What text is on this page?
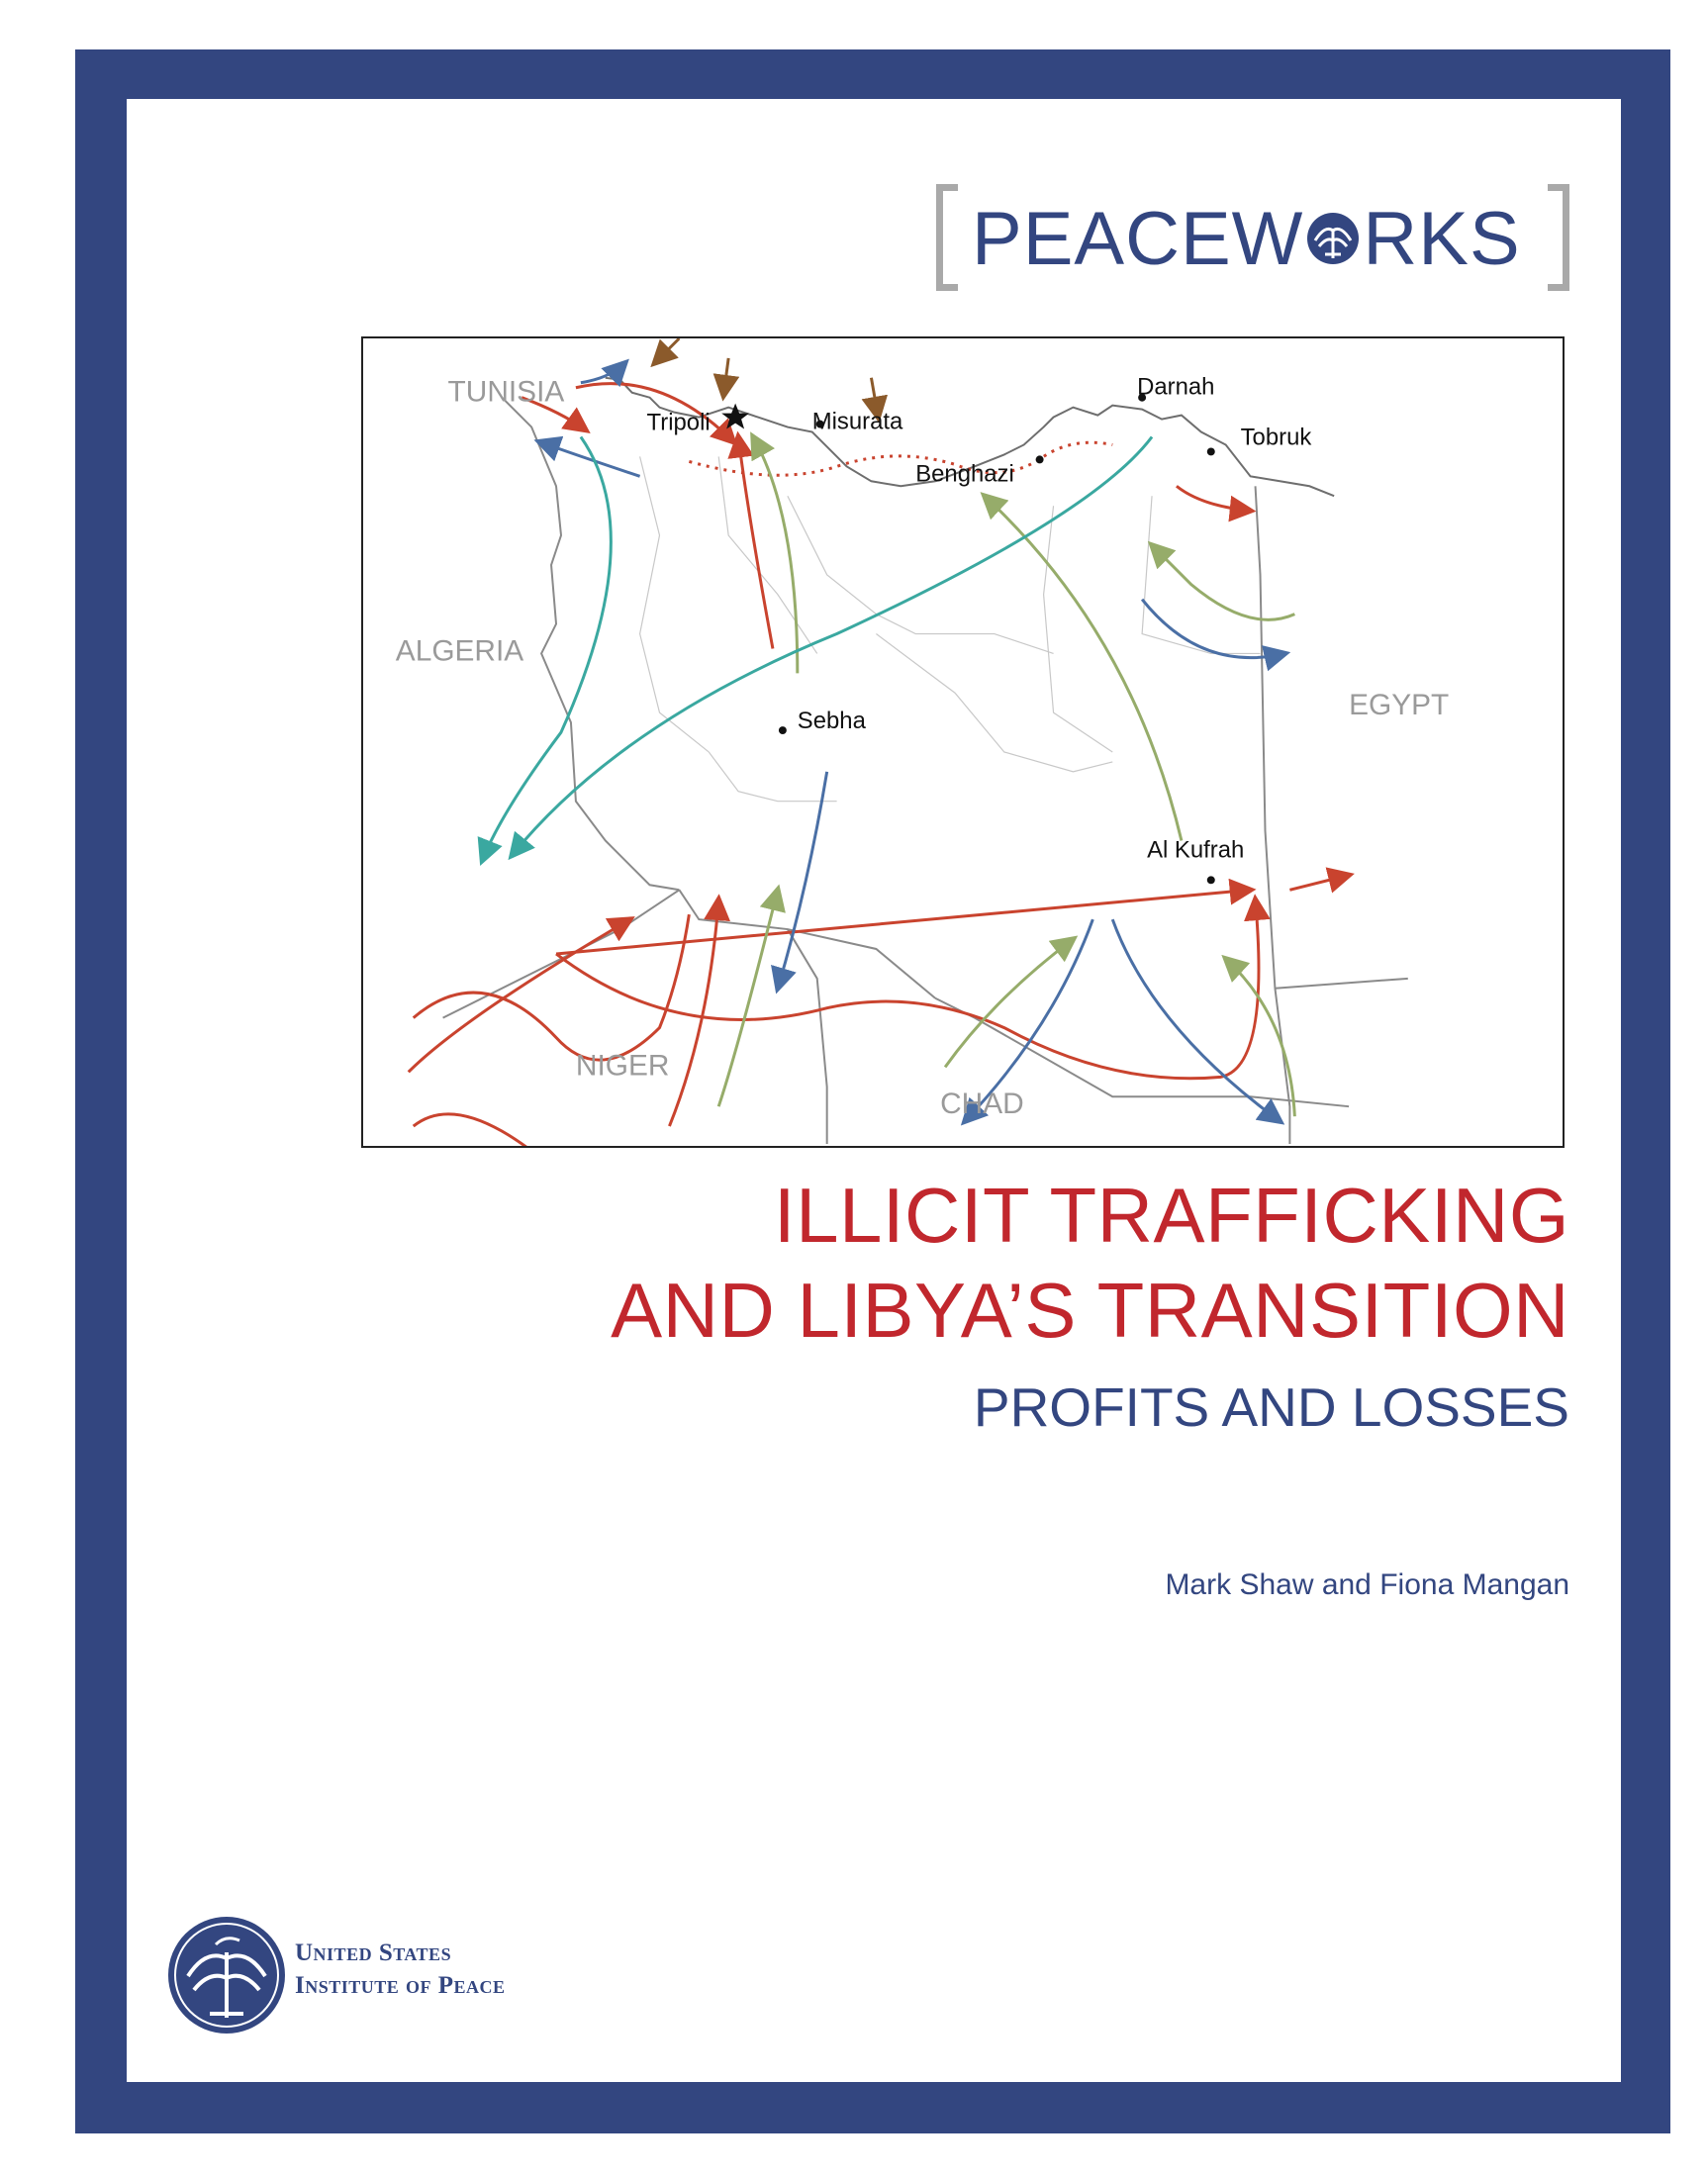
PEACEW RKS
TUNISIA
ALGERIA
EGYPT
NIGER
CHAD
Tripoli	Misurata
Benghazi
Darnah
Tobruk
Sebha
Al Kufrah
ILLICIT TRAFFICKING
AND LIBYA’S TRANSITION
PROFITS AND LOSSES
Mark Shaw and Fiona Mangan
United States
Institute of Peace
